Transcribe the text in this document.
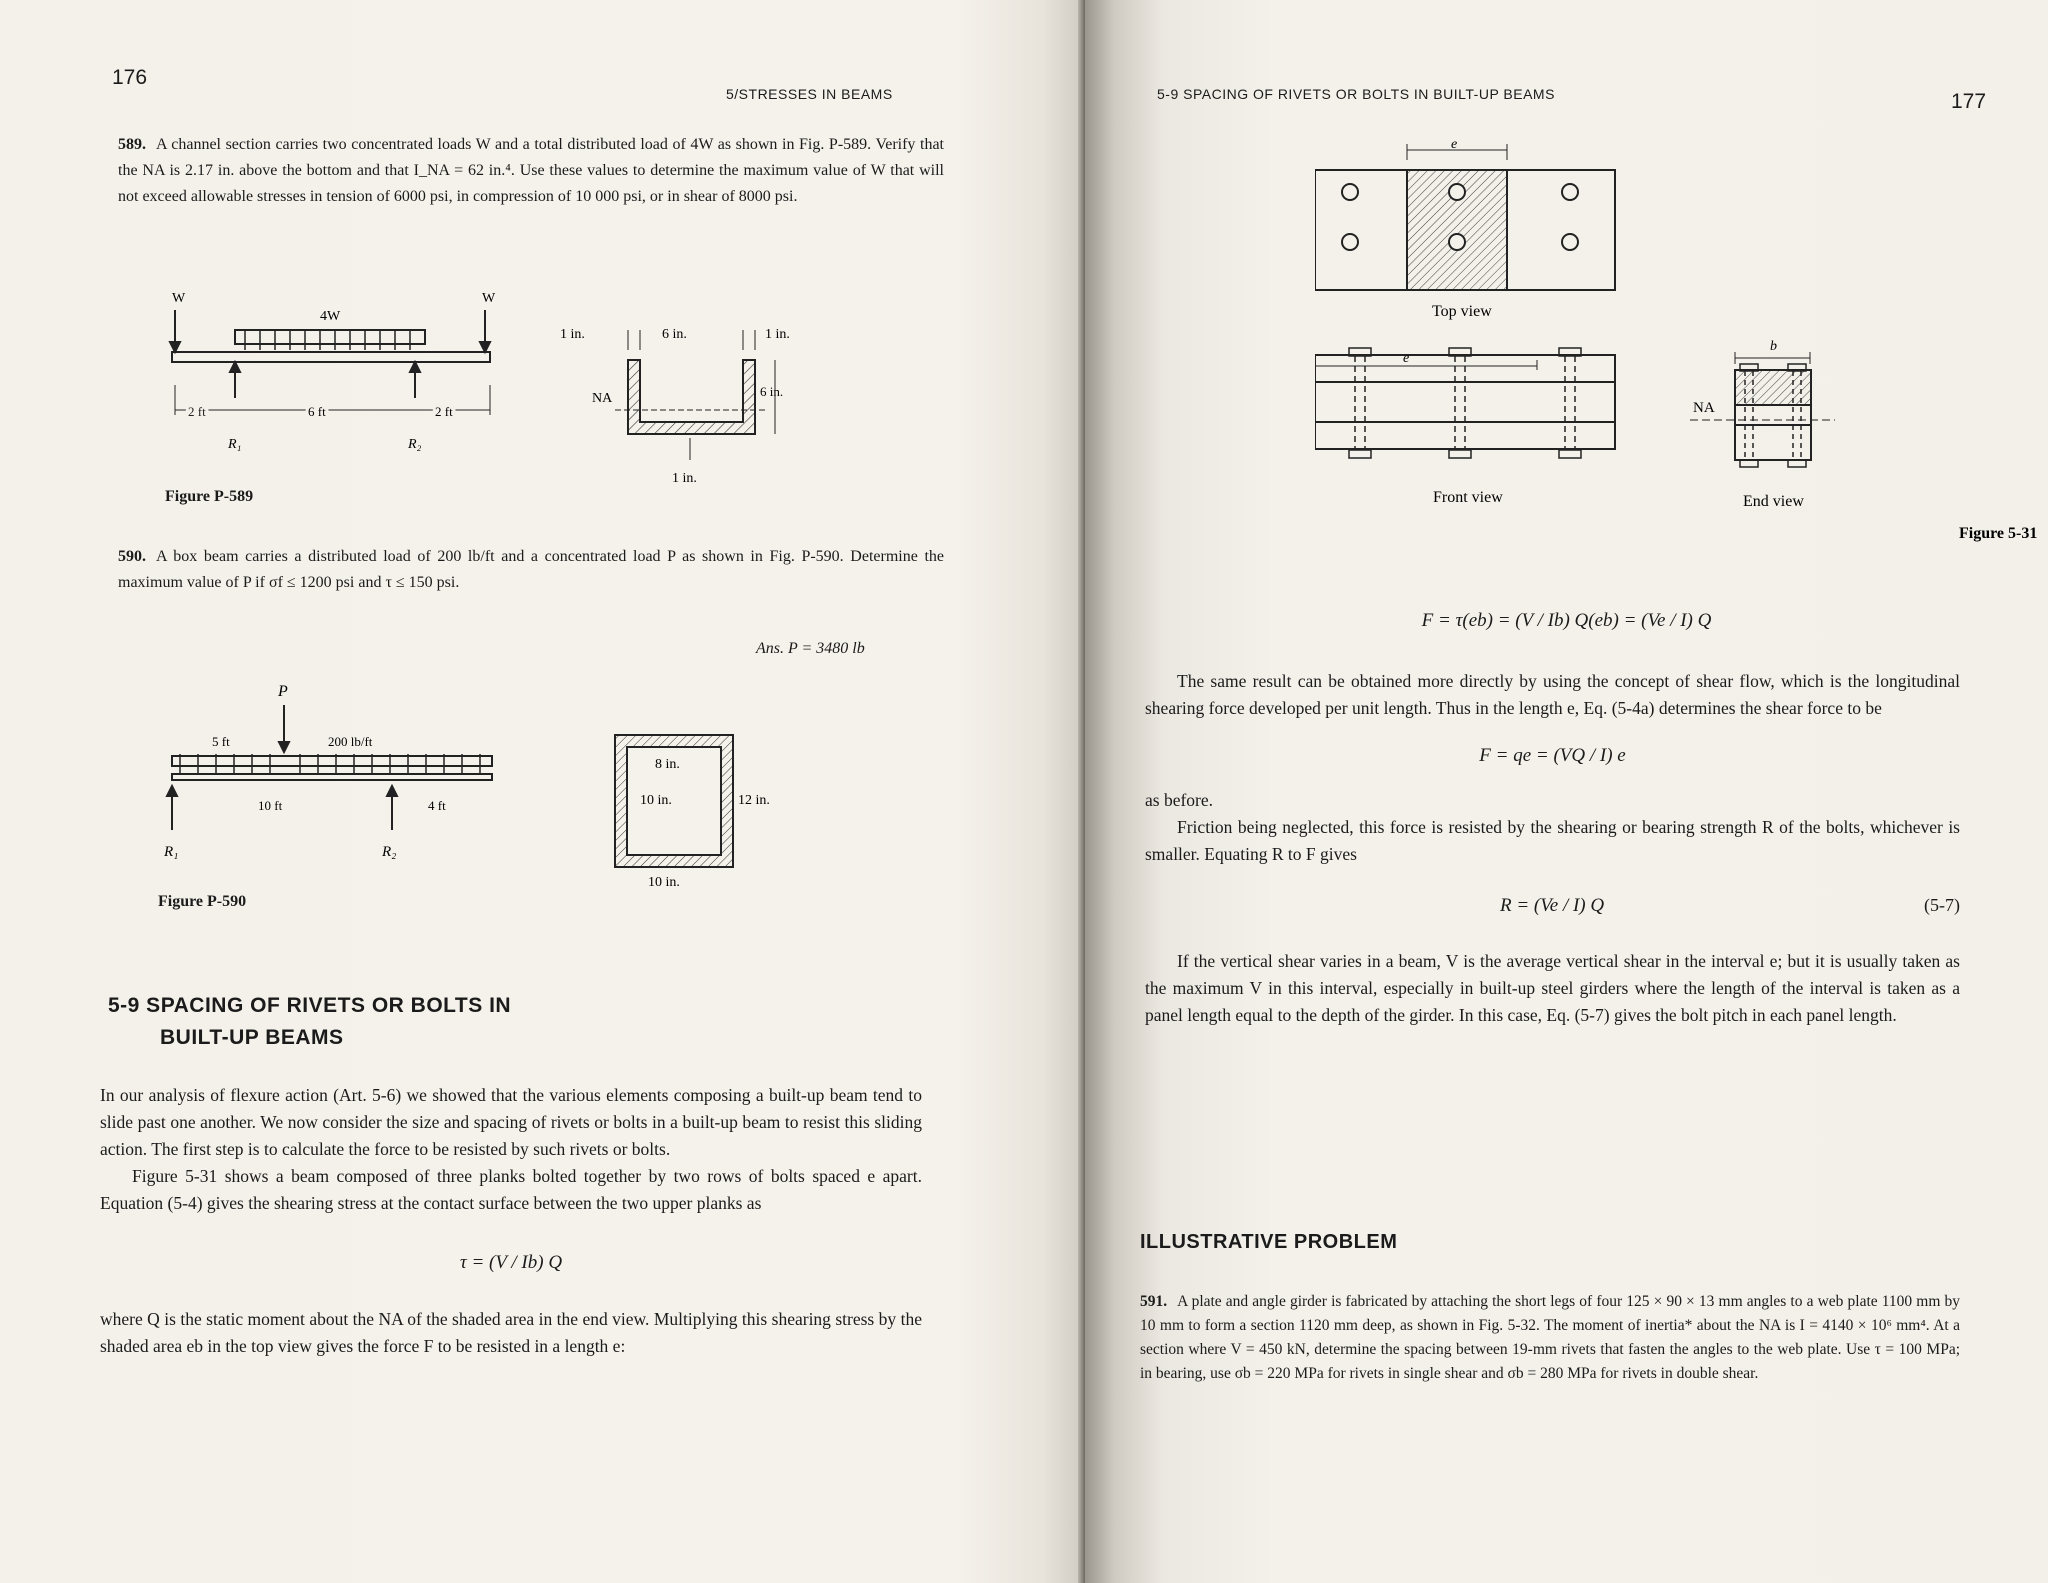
176
5/STRESSES IN BEAMS
589. A channel section carries two concentrated loads W and a total distributed load of 4W as shown in Fig. P-589. Verify that the NA is 2.17 in. above the bottom and that I_NA = 62 in.⁴. Use these values to determine the maximum value of W that will not exceed allowable stresses in tension of 6000 psi, in compression of 10 000 psi, or in shear of 8000 psi.
W	W
4W
2 ft	6 ft	2 ft
R₁	R₂
1 in.	6 in.	1 in.
6 in.
1 in.
NA
Figure P-589
590. A box beam carries a distributed load of 200 lb/ft and a concentrated load P as shown in Fig. P-590. Determine the maximum value of P if σf ≤ 1200 psi and τ ≤ 150 psi.
Ans. P = 3480 lb
P
5 ft	200 lb/ft
10 ft	4 ft
R₁	R₂
8 in.
10 in.	12 in.
10 in.
Figure P-590
5-9 SPACING OF RIVETS OR BOLTS IN
BUILT-UP BEAMS
In our analysis of flexure action (Art. 5-6) we showed that the various elements composing a built-up beam tend to slide past one another. We now consider the size and spacing of rivets or bolts in a built-up beam to resist this sliding action. The first step is to calculate the force to be resisted by such rivets or bolts.
Figure 5-31 shows a beam composed of three planks bolted together by two rows of bolts spaced e apart. Equation (5-4) gives the shearing stress at the contact surface between the two upper planks as
τ = (V / Ib) Q
where Q is the static moment about the NA of the shaded area in the end view. Multiplying this shearing stress by the shaded area eb in the top view gives the force F to be resisted in a length e:
5-9 SPACING OF RIVETS OR BOLTS IN BUILT-UP BEAMS	177
e
Top view
e
Front view
b
NA
End view
Figure 5-31
F = τ(eb) = (V / Ib) Q(eb) = (Ve / I) Q
The same result can be obtained more directly by using the concept of shear flow, which is the longitudinal shearing force developed per unit length. Thus in the length e, Eq. (5-4a) determines the shear force to be
F = qe = (VQ / I) e
as before.
Friction being neglected, this force is resisted by the shearing or bearing strength R of the bolts, whichever is smaller. Equating R to F gives
R = (Ve / I) Q	(5-7)
If the vertical shear varies in a beam, V is the average vertical shear in the interval e; but it is usually taken as the maximum V in this interval, especially in built-up steel girders where the length of the interval is taken as a panel length equal to the depth of the girder. In this case, Eq. (5-7) gives the bolt pitch in each panel length.
ILLUSTRATIVE PROBLEM
591. A plate and angle girder is fabricated by attaching the short legs of four 125 × 90 × 13 mm angles to a web plate 1100 mm by 10 mm to form a section 1120 mm deep, as shown in Fig. 5-32. The moment of inertia* about the NA is I = 4140 × 10⁶ mm⁴. At a section where V = 450 kN, determine the spacing between 19-mm rivets that fasten the angles to the web plate. Use τ = 100 MPa; in bearing, use σb = 220 MPa for rivets in single shear and σb = 280 MPa for rivets in double shear.
